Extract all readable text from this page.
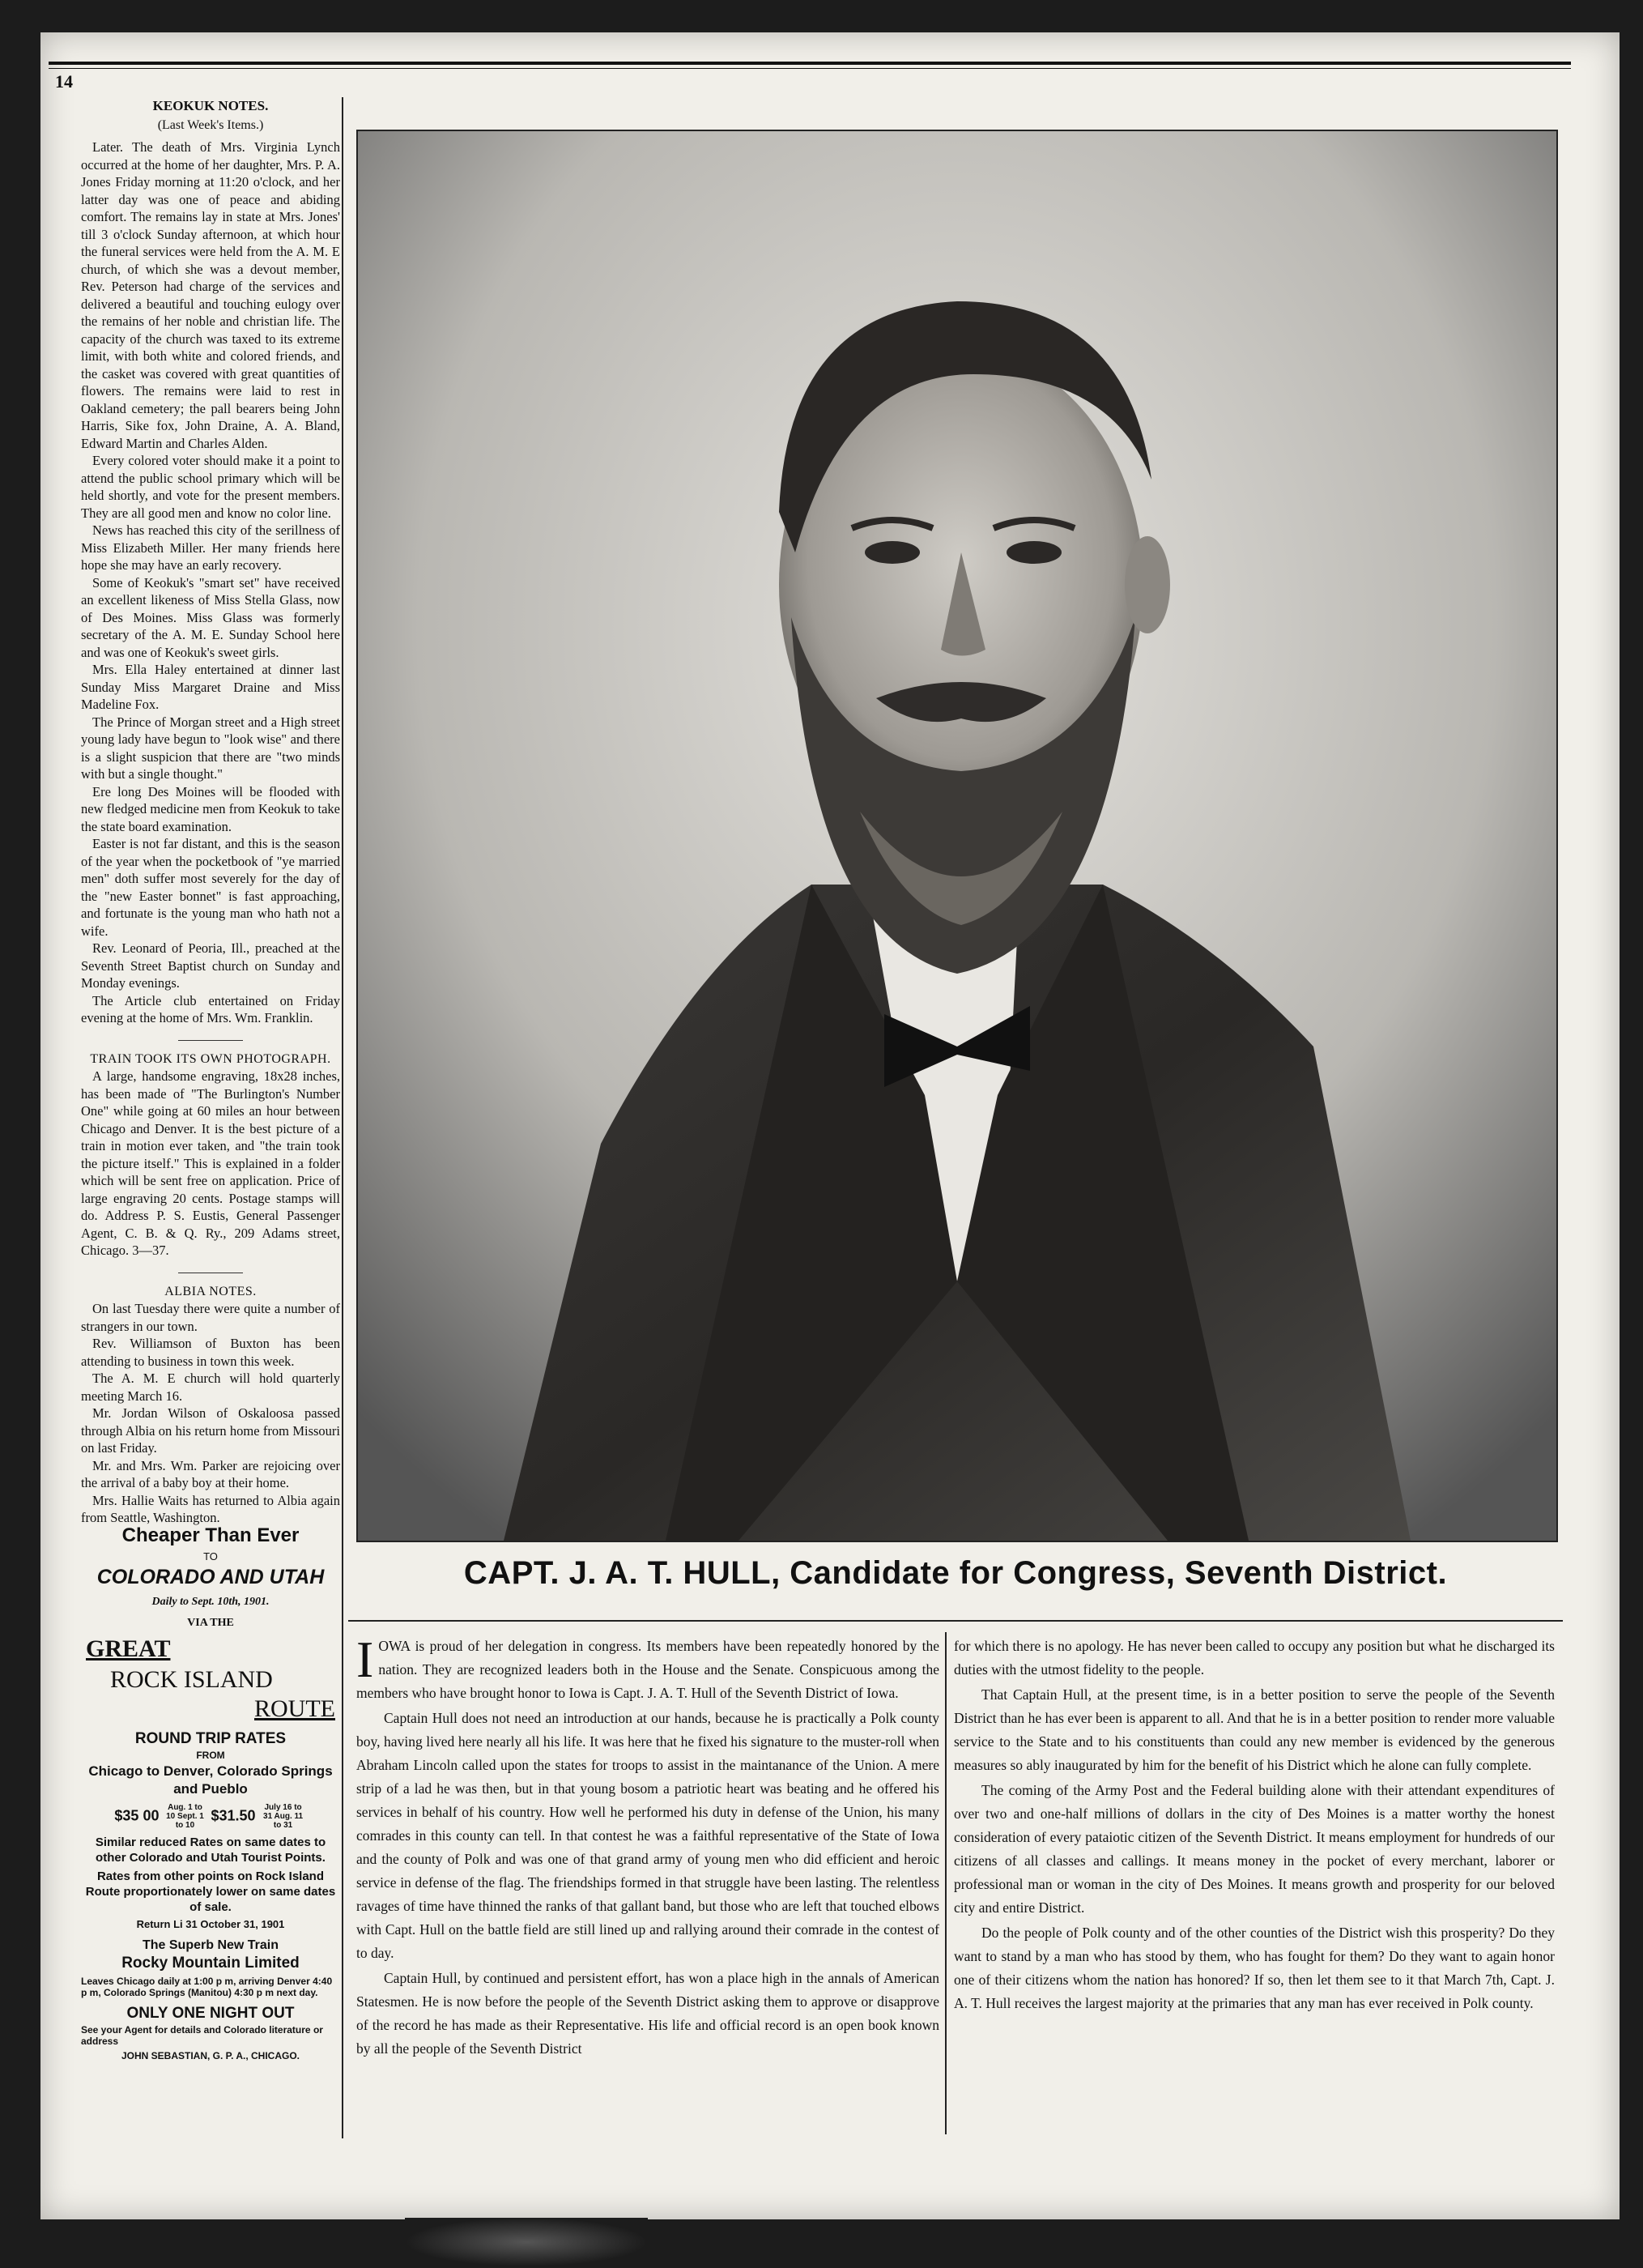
14
KEOKUK NOTES.
(Last Week's Items.)

Later. The death of Mrs. Virginia Lynch occurred at the home of her daughter, Mrs. P. A. Jones Friday morning at 11:20 o'clock, and her latter day was one of peace and abiding comfort. The remains lay in state at Mrs. Jones' till 3 o'clock Sunday afternoon, at which hour the funeral services were held from the A. M. E church, of which she was a devout member, Rev. Peterson had charge of the services and delivered a beautiful and touching eulogy over the remains of her noble and christian life. The capacity of the church was taxed to its extreme limit, with both white and colored friends, and the casket was covered with great quantities of flowers. The remains were laid to rest in Oakland cemetery; the pall bearers being John Harris, Sike fox, John Draine, A. A. Bland, Edward Martin and Charles Alden.

Every colored voter should make it a point to attend the public school primary which will be held shortly, and vote for the present members. They are all good men and know no color line.

News has reached this city of the serillness of Miss Elizabeth Miller. Her many friends here hope she may have an early recovery.

Some of Keokuk's "smart set" have received an excellent likeness of Miss Stella Glass, now of Des Moines. Miss Glass was formerly secretary of the A. M. E. Sunday School here and was one of Keokuk's sweet girls.

Mrs. Ella Haley entertained at dinner last Sunday Miss Margaret Draine and Miss Madeline Fox.

The Prince of Morgan street and a High street young lady have begun to "look wise" and there is a slight suspicion that there are "two minds with but a single thought."

Ere long Des Moines will be flooded with new fledged medicine men from Keokuk to take the state board examination.

Easter is not far distant, and this is the season of the year when the pocketbook of "ye married men" doth suffer most severely for the day of the "new Easter bonnet" is fast approaching, and fortunate is the young man who hath not a wife.

Rev. Leonard of Peoria, Ill., preached at the Seventh Street Baptist church on Sunday and Monday evenings.

The Article club entertained on Friday evening at the home of Mrs. Wm. Franklin.

TRAIN TOOK ITS OWN PHOTOGRAPH.

A large, handsome engraving, 18x28 inches, has been made of "The Burlington's Number One" while going at 60 miles an hour between Chicago and Denver. It is the best picture of a train in motion ever taken, and "the train took the picture itself." This is explained in a folder which will be sent free on application. Price of large engraving 20 cents. Postage stamps will do. Address P. S. Eustis, General Passenger Agent, C. B. & Q. Ry., 209 Adams street, Chicago. 3—37.

ALBIA NOTES.

On last Tuesday there were quite a number of strangers in our town.

Rev. Williamson of Buxton has been attending to business in town this week.

The A. M. E church will hold quarterly meeting March 16.

Mr. Jordan Wilson of Oskaloosa passed through Albia on his return home from Missouri on last Friday.

Mr. and Mrs. Wm. Parker are rejoicing over the arrival of a baby boy at their home.

Mrs. Hallie Waits has returned to Albia again from Seattle, Washington.

Cheaper Than Ever
TO
COLORADO AND UTAH
Daily to Sept. 10th, 1901.
VIA THE
GREAT
ROCK ISLAND
ROUTE
ROUND TRIP RATES
FROM
Chicago to Denver, Colorado Springs and Pueblo
$35 00 Aug. 1 to 10 Sept. 1 to 10 $31.50 July 16 to 31 Aug. 11 to 31
Similar reduced Rates on same dates to other Colorado and Utah Tourist Points.
Rates from other points on Rock Island Route proportionately lower on same dates of sale.
Return Li 31 October 31, 1901
The Superb New Train
Rocky Mountain Limited
Leaves Chicago daily at 1:00 p m, arriving Denver 4:40 p m, Colorado Springs (Manitou) 4:30 p m next day.
ONLY ONE NIGHT OUT
See your Agent for details and Colorado literature or address
JOHN SEBASTIAN, G. P. A., CHICAGO.
CAPT. J. A. T. HULL, Candidate for Congress, Seventh District.

IOWA is proud of her delegation in congress. Its members have been repeatedly honored by the nation. They are recognized leaders both in the House and the Senate. Conspicuous among the members who have brought honor to Iowa is Capt. J. A. T. Hull of the Seventh District of Iowa.

Captain Hull does not need an introduction at our hands, because he is practically a Polk county boy, having lived here nearly all his life. It was here that he fixed his signature to the muster-roll when Abraham Lincoln called upon the states for troops to assist in the maintanance of the Union. A mere strip of a lad he was then, but in that young bosom a patriotic heart was beating and he offered his services in behalf of his country. How well he performed his duty in defense of the Union, his many comrades in this county can tell. In that contest he was a faithful representative of the State of Iowa and the county of Polk and was one of that grand army of young men who did efficient and heroic service in defense of the flag. The friendships formed in that struggle have been lasting. The relentless ravages of time have thinned the ranks of that gallant band, but those who are left that touched elbows with Capt. Hull on the battle field are still lined up and rallying around their comrade in the contest of to day.

Captain Hull, by continued and persistent effort, has won a place high in the annals of American Statesmen. He is now before the people of the Seventh District asking them to approve or disapprove of the record he has made as their Representative. His life and official record is an open book known by all the people of the Seventh District

for which there is no apology. He has never been called to occupy any position but what he discharged its duties with the utmost fidelity to the people.

That Captain Hull, at the present time, is in a better position to serve the people of the Seventh District than he has ever been is apparent to all. And that he is in a better position to render more valuable service to the State and to his constituents than could any new member is evidenced by the generous measures so ably inaugurated by him for the benefit of his District which he alone can fully complete.

The coming of the Army Post and the Federal building alone with their attendant expenditures of over two and one-half millions of dollars in the city of Des Moines is a matter worthy the honest consideration of every pataiotic citizen of the Seventh District. It means employment for hundreds of our citizens of all classes and callings. It means money in the pocket of every merchant, laborer or professional man or woman in the city of Des Moines. It means growth and prosperity for our beloved city and entire District.

Do the people of Polk county and of the other counties of the District wish this prosperity? Do they want to stand by a man who has stood by them, who has fought for them? Do they want to again honor one of their citizens whom the nation has honored? If so, then let them see to it that March 7th, Capt. J. A. T. Hull receives the largest majority at the primaries that any man has ever received in Polk county.
